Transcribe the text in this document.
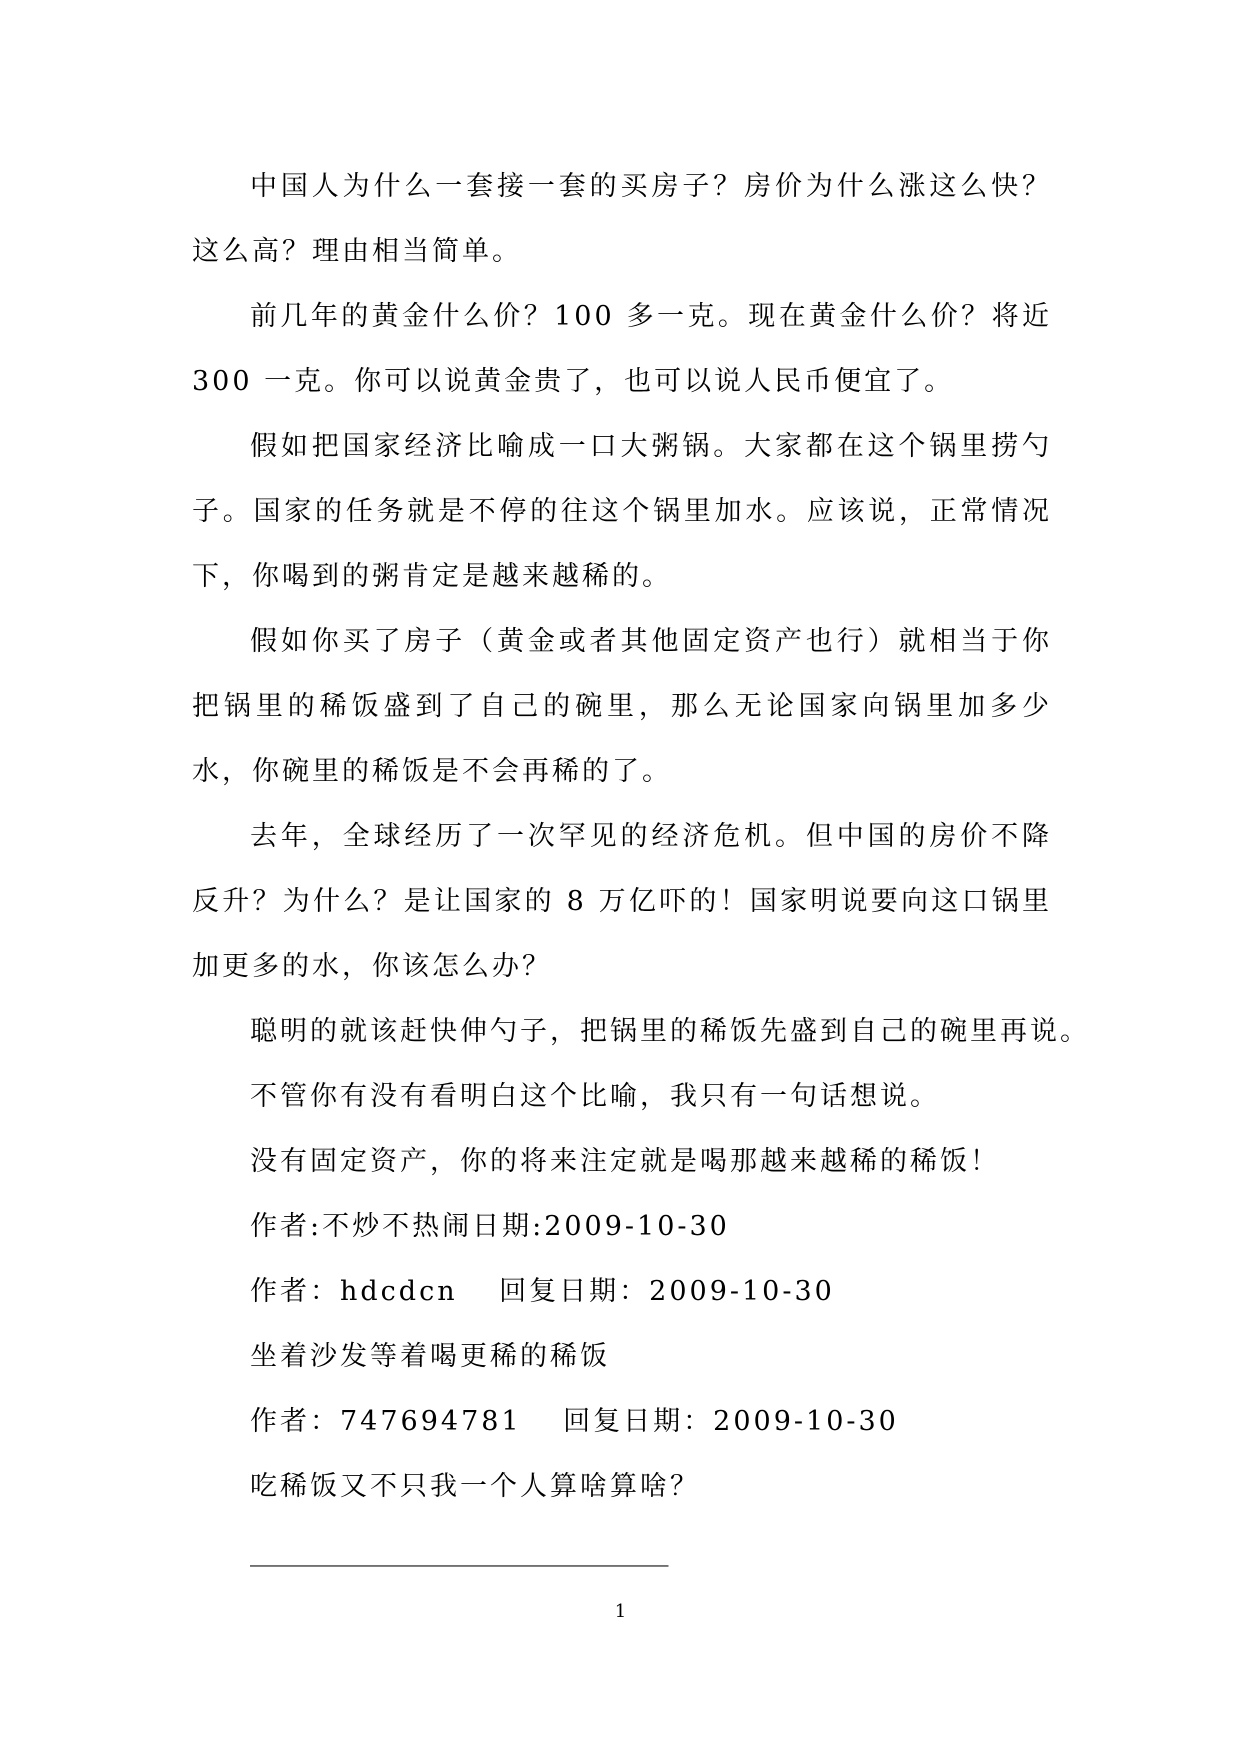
中国人为什么一套接一套的买房子？房价为什么涨这么快？这么高？理由相当简单。

前几年的黄金什么价？100 多一克。现在黄金什么价？将近 300 一克。你可以说黄金贵了，也可以说人民币便宜了。

假如把国家经济比喻成一口大粥锅。大家都在这个锅里捞勺子。国家的任务就是不停的往这个锅里加水。应该说，正常情况下，你喝到的粥肯定是越来越稀的。

假如你买了房子（黄金或者其他固定资产也行）就相当于你把锅里的稀饭盛到了自己的碗里，那么无论国家向锅里加多少水，你碗里的稀饭是不会再稀的了。

去年，全球经历了一次罕见的经济危机。但中国的房价不降反升？为什么？是让国家的 8 万亿吓的！国家明说要向这口锅里加更多的水，你该怎么办？

聪明的就该赶快伸勺子，把锅里的稀饭先盛到自己的碗里再说。

不管你有没有看明白这个比喻，我只有一句话想说。

没有固定资产，你的将来注定就是喝那越来越稀的稀饭！

作者:不炒不热闹日期:2009-10-30

作者：hdcdcn　 回复日期：2009-10-30

坐着沙发等着喝更稀的稀饭

作者：747694781　 回复日期：2009-10-30

吃稀饭又不只我一个人算啥算啥？

_______________________________

1
